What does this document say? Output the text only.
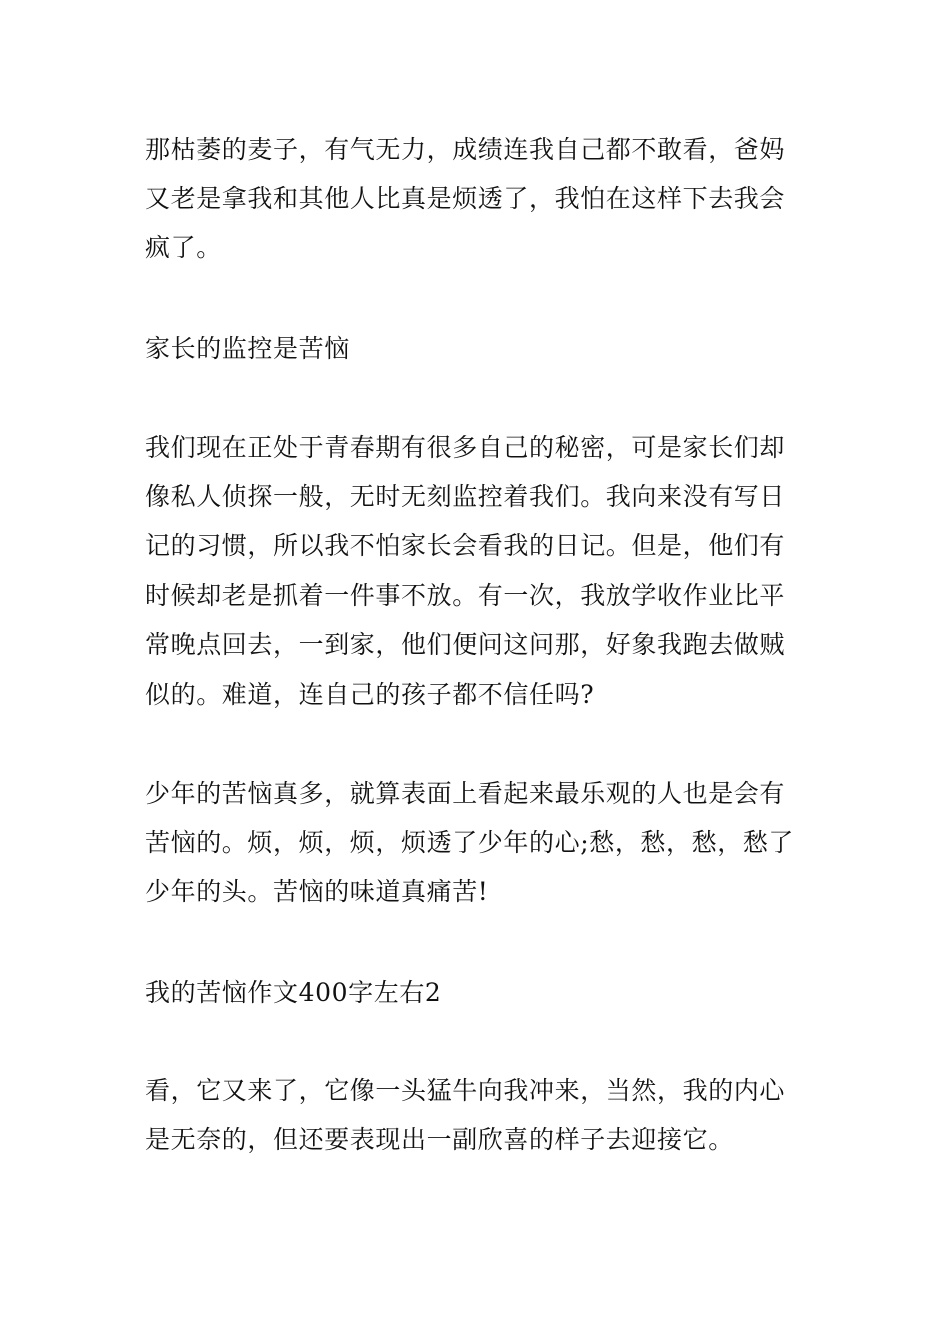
那枯萎的麦子，有气无力，成绩连我自己都不敢看，爸妈
又老是拿我和其他人比真是烦透了，我怕在这样下去我会
疯了。
家长的监控是苦恼
我们现在正处于青春期有很多自己的秘密，可是家长们却
像私人侦探一般，无时无刻监控着我们。我向来没有写日
记的习惯，所以我不怕家长会看我的日记。但是，他们有
时候却老是抓着一件事不放。有一次，我放学收作业比平
常晚点回去，一到家，他们便问这问那，好象我跑去做贼
似的。难道，连自己的孩子都不信任吗?
少年的苦恼真多，就算表面上看起来最乐观的人也是会有
苦恼的。烦，烦，烦，烦透了少年的心;愁，愁，愁，愁了
少年的头。苦恼的味道真痛苦!
我的苦恼作文400字左右2
看，它又来了，它像一头猛牛向我冲来，当然，我的内心
是无奈的，但还要表现出一副欣喜的样子去迎接它。
